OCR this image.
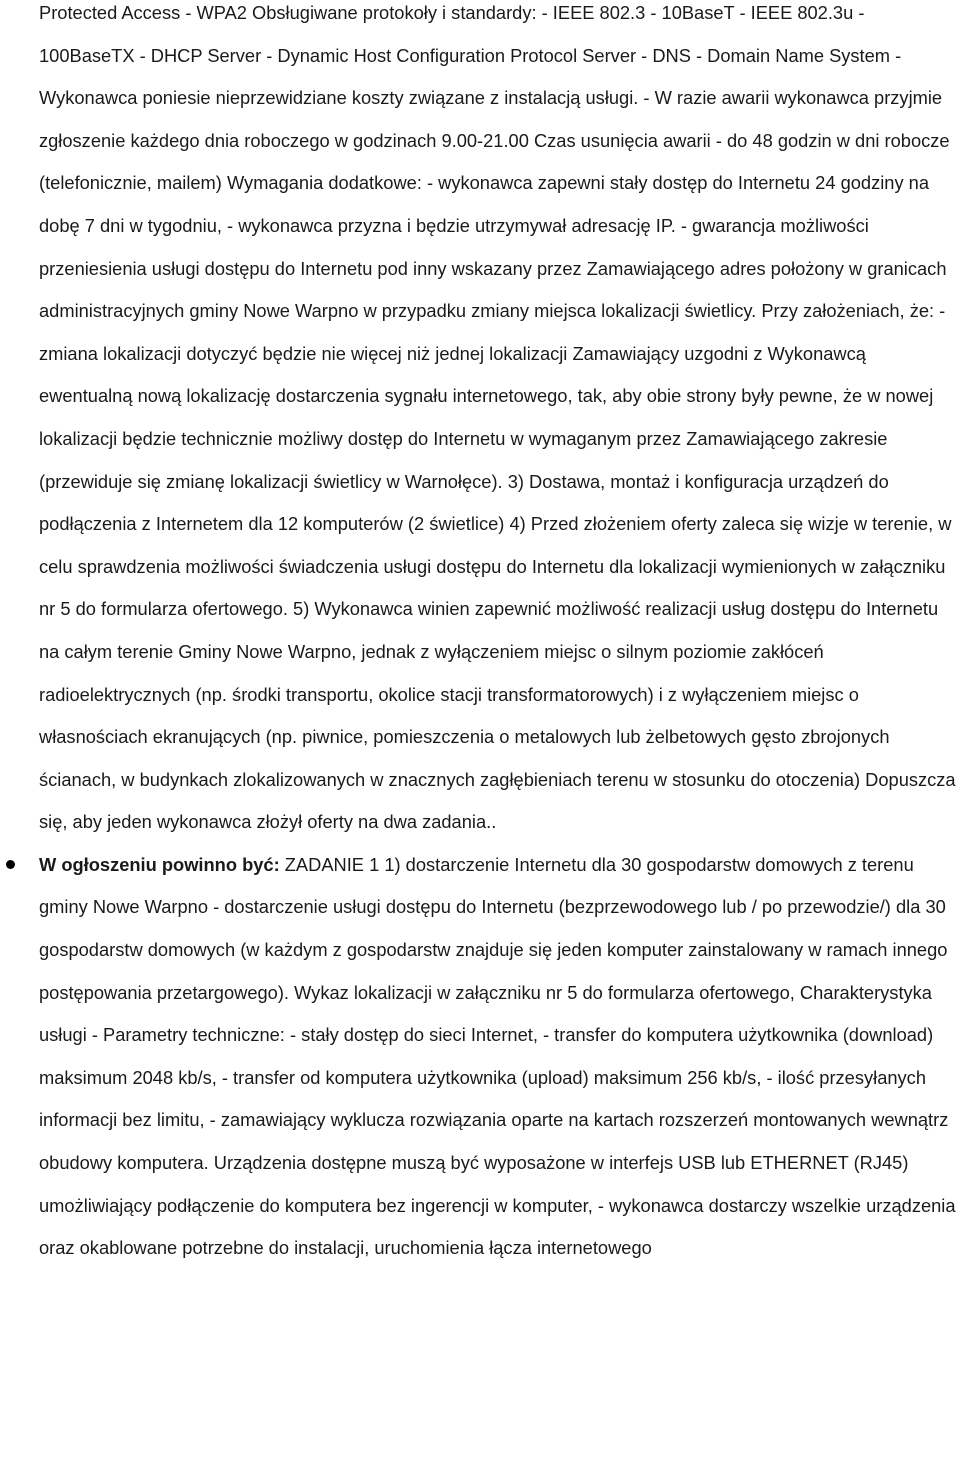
Protected Access - WPA2 Obsługiwane protokoły i standardy: - IEEE 802.3 - 10BaseT - IEEE 802.3u - 100BaseTX - DHCP Server - Dynamic Host Configuration Protocol Server - DNS - Domain Name System - Wykonawca poniesie nieprzewidziane koszty związane z instalacją usługi. - W razie awarii wykonawca przyjmie zgłoszenie każdego dnia roboczego w godzinach 9.00-21.00 Czas usunięcia awarii - do 48 godzin w dni robocze (telefonicznie, mailem) Wymagania dodatkowe: - wykonawca zapewni stały dostęp do Internetu 24 godziny na dobę 7 dni w tygodniu, - wykonawca przyzna i będzie utrzymywał adresację IP. - gwarancja możliwości przeniesienia usługi dostępu do Internetu pod inny wskazany przez Zamawiającego adres położony w granicach administracyjnych gminy Nowe Warpno w przypadku zmiany miejsca lokalizacji świetlicy. Przy założeniach, że: - zmiana lokalizacji dotyczyć będzie nie więcej niż jednej lokalizacji Zamawiający uzgodni z Wykonawcą ewentualną nową lokalizację dostarczenia sygnału internetowego, tak, aby obie strony były pewne, że w nowej lokalizacji będzie technicznie możliwy dostęp do Internetu w wymaganym przez Zamawiającego zakresie (przewiduje się zmianę lokalizacji świetlicy w Warnołęce). 3) Dostawa, montaż i konfiguracja urządzeń do podłączenia z Internetem dla 12 komputerów (2 świetlice) 4) Przed złożeniem oferty zaleca się wizje w terenie, w celu sprawdzenia możliwości świadczenia usługi dostępu do Internetu dla lokalizacji wymienionych w załączniku nr 5 do formularza ofertowego. 5) Wykonawca winien zapewnić możliwość realizacji usług dostępu do Internetu na całym terenie Gminy Nowe Warpno, jednak z wyłączeniem miejsc o silnym poziomie zakłóceń radioelektrycznych (np. środki transportu, okolice stacji transformatorowych) i z wyłączeniem miejsc o własnościach ekranujących (np. piwnice, pomieszczenia o metalowych lub żelbetowych gęsto zbrojonych ścianach, w budynkach zlokalizowanych w znacznych zagłębieniach terenu w stosunku do otoczenia) Dopuszcza się, aby jeden wykonawca złożył oferty na dwa zadania..

W ogłoszeniu powinno być: ZADANIE 1 1) dostarczenie Internetu dla 30 gospodarstw domowych z terenu gminy Nowe Warpno - dostarczenie usługi dostępu do Internetu (bezprzewodowego lub / po przewodzie/) dla 30 gospodarstw domowych (w każdym z gospodarstw znajduje się jeden komputer zainstalowany w ramach innego postępowania przetargowego). Wykaz lokalizacji w załączniku nr 5 do formularza ofertowego, Charakterystyka usługi - Parametry techniczne: - stały dostęp do sieci Internet, - transfer do komputera użytkownika (download) maksimum 2048 kb/s, - transfer od komputera użytkownika (upload) maksimum 256 kb/s, - ilość przesyłanych informacji bez limitu, - zamawiający wyklucza rozwiązania oparte na kartach rozszerzeń montowanych wewnątrz obudowy komputera. Urządzenia dostępne muszą być wyposażone w interfejs USB lub ETHERNET (RJ45) umożliwiający podłączenie do komputera bez ingerencji w komputer, - wykonawca dostarczy wszelkie urządzenia oraz okablowane potrzebne do instalacji, uruchomienia łącza internetowego
